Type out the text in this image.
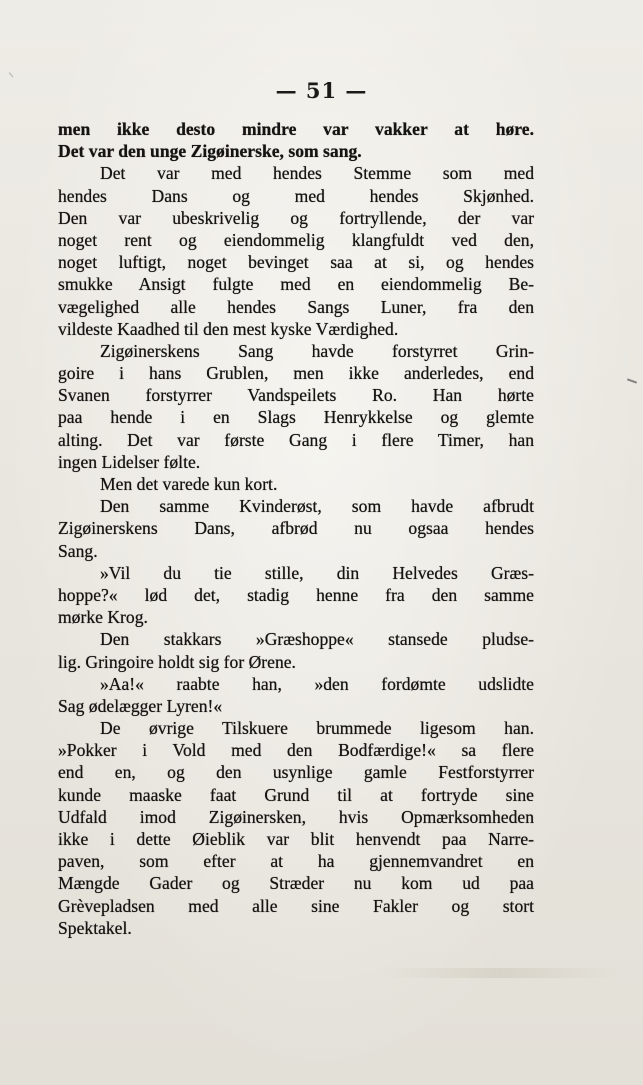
— 51 —
men ikke desto mindre var vakker at høre.
Det var den unge Zigøinerske, som sang.
Det var med hendes Stemme som med
hendes Dans og med hendes Skjønhed.
Den var ubeskrivelig og fortryllende, der var
noget rent og eiendommelig klangfuldt ved den,
noget luftigt, noget bevinget saa at si, og hendes
smukke Ansigt fulgte med en eiendommelig Be-
vægelighed alle hendes Sangs Luner, fra den
vildeste Kaadhed til den mest kyske Værdighed.
Zigøinerskens Sang havde forstyrret Grin-
goire i hans Grublen, men ikke anderledes, end
Svanen forstyrrer Vandspeilets Ro. Han hørte
paa hende i en Slags Henrykkelse og glemte
alting. Det var første Gang i flere Timer, han
ingen Lidelser følte.
Men det varede kun kort.
Den samme Kvinderøst, som havde afbrudt
Zigøinerskens Dans, afbrød nu ogsaa hendes
Sang.
»Vil du tie stille, din Helvedes Græs-
hoppe?« lød det, stadig henne fra den samme
mørke Krog.
Den stakkars »Græshoppe« stansede pludse-
lig. Gringoire holdt sig for Ørene.
»Aa!« raabte han, »den fordømte udslidte
Sag ødelægger Lyren!«
De øvrige Tilskuere brummede ligesom han.
»Pokker i Vold med den Bodfærdige!« sa flere
end en, og den usynlige gamle Festforstyrrer
kunde maaske faat Grund til at fortryde sine
Udfald imod Zigøinersken, hvis Opmærksomheden
ikke i dette Øieblik var blit henvendt paa Narre-
paven, som efter at ha gjennemvandret en
Mængde Gader og Stræder nu kom ud paa
Grèvepladsen med alle sine Fakler og stort
Spektakel.
